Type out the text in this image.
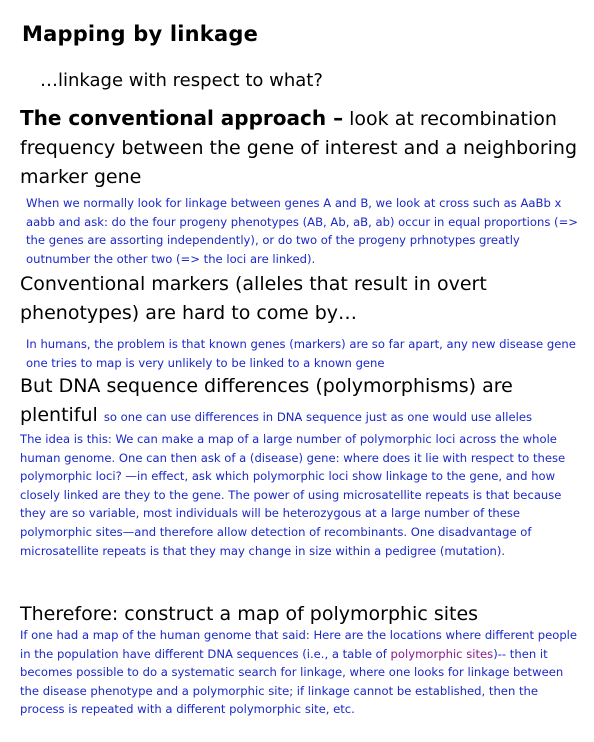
Mapping by linkage
…linkage with respect to what?
The conventional approach – look at recombination frequency between the gene of interest and a neighboring marker gene
When we normally look for linkage between genes A and B, we look at cross such as AaBb x aabb and ask: do the four progeny phenotypes (AB, Ab, aB, ab) occur in equal proportions (=> the genes are assorting independently), or do two of the progeny prhnotypes greatly outnumber the other two (=> the loci are linked).
Conventional markers (alleles that result in overt phenotypes) are hard to come by…
In humans, the problem is that known genes (markers) are so far apart, any new disease gene one tries to map is very unlikely to be linked to a known gene
But DNA sequence differences (polymorphisms) are plentiful so one can use differences in DNA sequence just as one would use alleles
The idea is this: We can make a map of a large number of polymorphic loci across the whole human genome. One can then ask of a (disease) gene: where does it lie with respect to these polymorphic loci? —in effect, ask which polymorphic loci show linkage to the gene, and how closely linked are they to the gene. The power of using microsatellite repeats is that because they are so variable, most individuals will be heterozygous at a large number of these polymorphic sites—and therefore allow detection of recombinants. One disadvantage of microsatellite repeats is that they may change in size within a pedigree (mutation).
Therefore: construct a map of polymorphic sites
If one had a map of the human genome that said: Here are the locations where different people in the population have different DNA sequences (i.e., a table of polymorphic sites)-- then it becomes possible to do a systematic search for linkage, where one looks for linkage between the disease phenotype and a polymorphic site; if linkage cannot be established, then the process is repeated with a different polymorphic site, etc.
